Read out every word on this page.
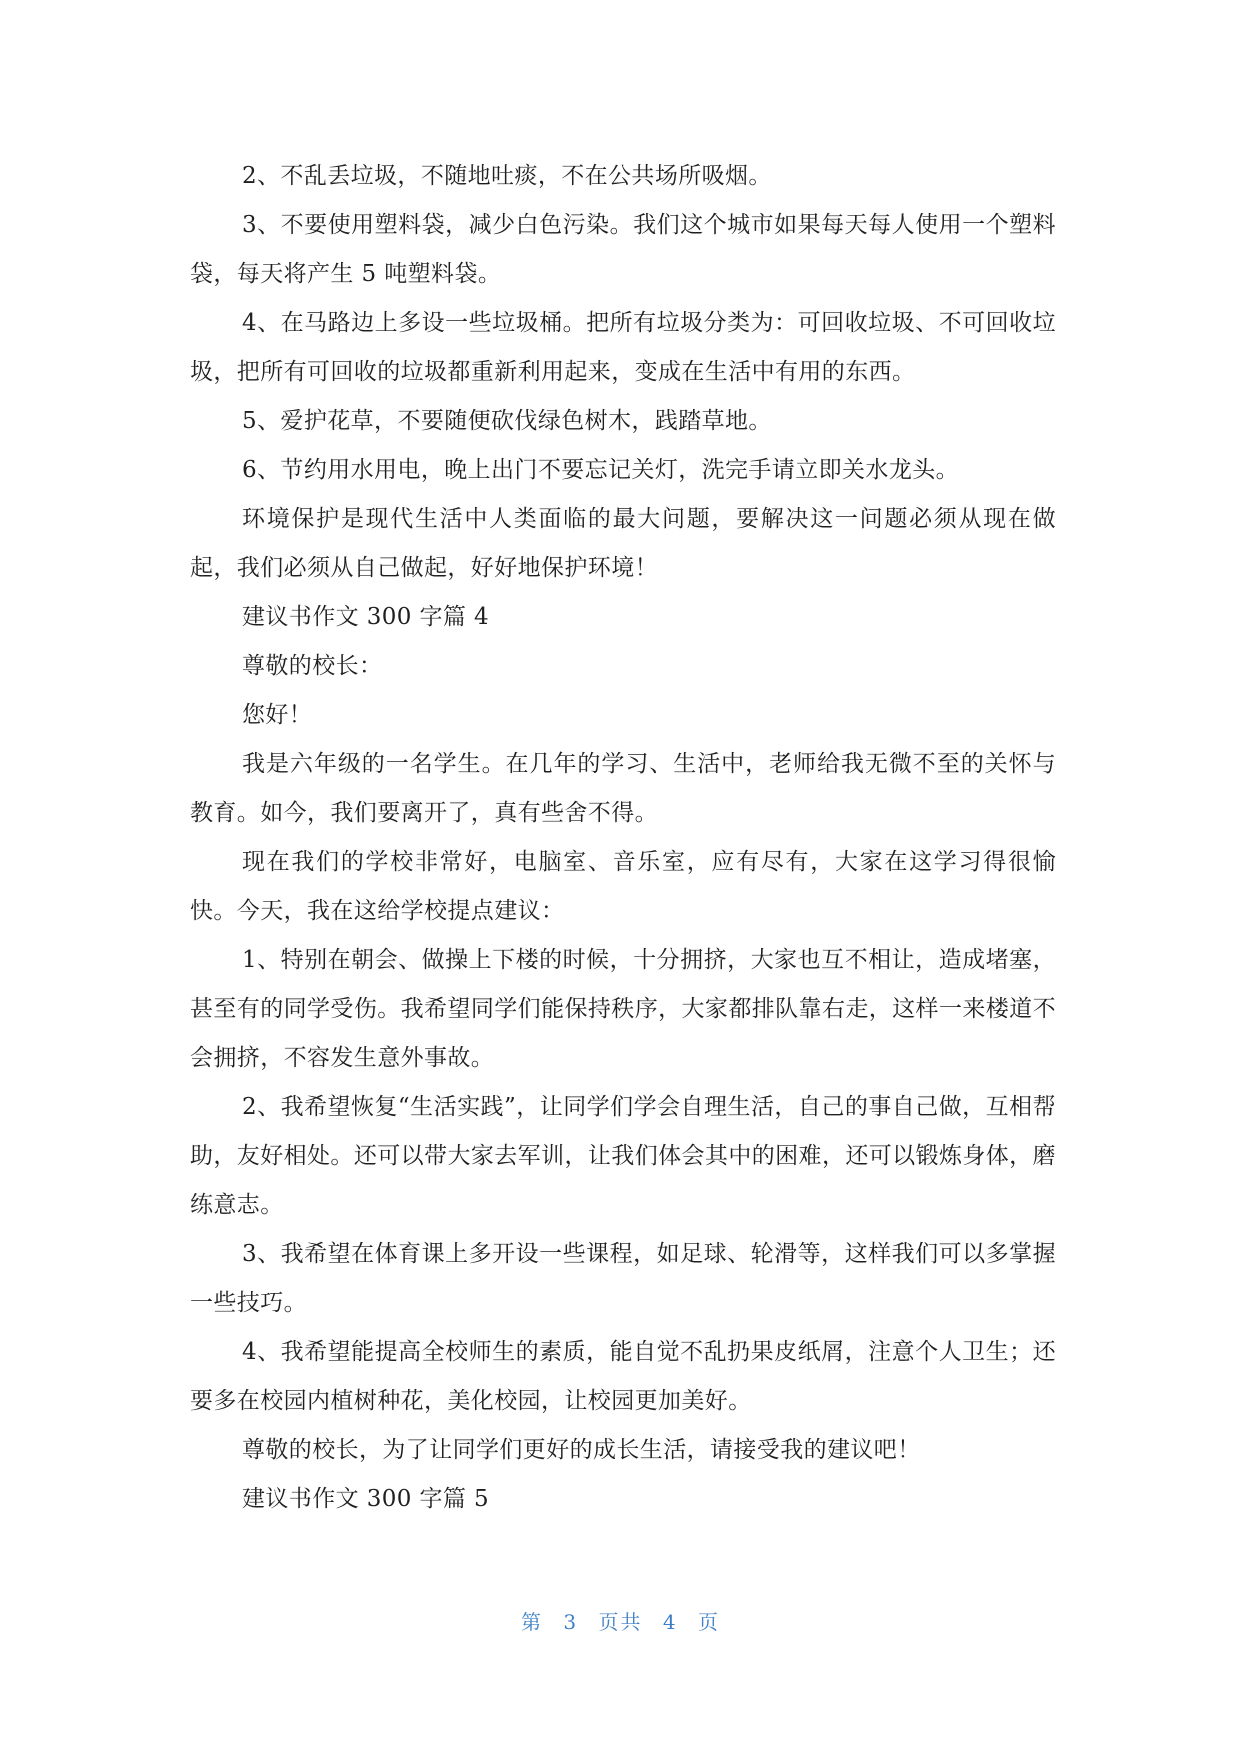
2、不乱丢垃圾，不随地吐痰，不在公共场所吸烟。

3、不要使用塑料袋，减少白色污染。我们这个城市如果每天每人使用一个塑料袋，每天将产生 5 吨塑料袋。

4、在马路边上多设一些垃圾桶。把所有垃圾分类为：可回收垃圾、不可回收垃圾，把所有可回收的垃圾都重新利用起来，变成在生活中有用的东西。

5、爱护花草，不要随便砍伐绿色树木，践踏草地。

6、节约用水用电，晚上出门不要忘记关灯，洗完手请立即关水龙头。

环境保护是现代生活中人类面临的最大问题，要解决这一问题必须从现在做起，我们必须从自己做起，好好地保护环境！

建议书作文 300 字篇 4

尊敬的校长：

您好！

我是六年级的一名学生。在几年的学习、生活中，老师给我无微不至的关怀与教育。如今，我们要离开了，真有些舍不得。

现在我们的学校非常好，电脑室、音乐室，应有尽有，大家在这学习得很愉快。今天，我在这给学校提点建议：

1、特别在朝会、做操上下楼的时候，十分拥挤，大家也互不相让，造成堵塞，甚至有的同学受伤。我希望同学们能保持秩序，大家都排队靠右走，这样一来楼道不会拥挤，不容发生意外事故。

2、我希望恢复“生活实践”，让同学们学会自理生活，自己的事自己做，互相帮助，友好相处。还可以带大家去军训，让我们体会其中的困难，还可以锻炼身体，磨练意志。

3、我希望在体育课上多开设一些课程，如足球、轮滑等，这样我们可以多掌握一些技巧。

4、我希望能提高全校师生的素质，能自觉不乱扔果皮纸屑，注意个人卫生；还要多在校园内植树种花，美化校园，让校园更加美好。

尊敬的校长，为了让同学们更好的成长生活，请接受我的建议吧！

建议书作文 300 字篇 5

第 3 页共 4 页
